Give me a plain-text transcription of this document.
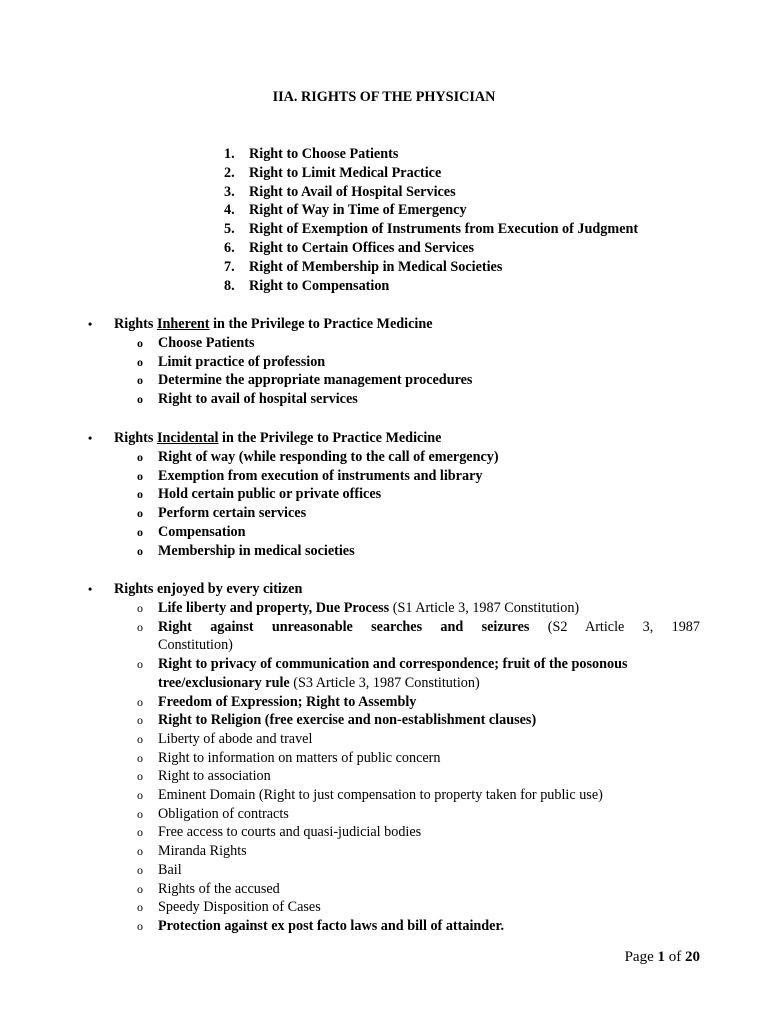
IIA. RIGHTS OF THE PHYSICIAN
1. Right to Choose Patients
2. Right to Limit Medical Practice
3. Right to Avail of Hospital Services
4. Right of Way in Time of Emergency
5. Right of Exemption of Instruments from Execution of Judgment
6. Right to Certain Offices and Services
7. Right of Membership in Medical Societies
8. Right to Compensation
• Rights Inherent in the Privilege to Practice Medicine
o Choose Patients
o Limit practice of profession
o Determine the appropriate management procedures
o Right to avail of hospital services
• Rights Incidental in the Privilege to Practice Medicine
o Right of way (while responding to the call of emergency)
o Exemption from execution of instruments and library
o Hold certain public or private offices
o Perform certain services
o Compensation
o Membership in medical societies
• Rights enjoyed by every citizen
o Life liberty and property, Due Process (S1 Article 3, 1987 Constitution)
o Right against unreasonable searches and seizures (S2 Article 3, 1987
Constitution)
o Right to privacy of communication and correspondence; fruit of the posonous
tree/exclusionary rule (S3 Article 3, 1987 Constitution)
o Freedom of Expression; Right to Assembly
o Right to Religion (free exercise and non-establishment clauses)
o Liberty of abode and travel
o Right to information on matters of public concern
o Right to association
o Eminent Domain (Right to just compensation to property taken for public use)
o Obligation of contracts
o Free access to courts and quasi-judicial bodies
o Miranda Rights
o Bail
o Rights of the accused
o Speedy Disposition of Cases
o Protection against ex post facto laws and bill of attainder.
Page 1 of 20
